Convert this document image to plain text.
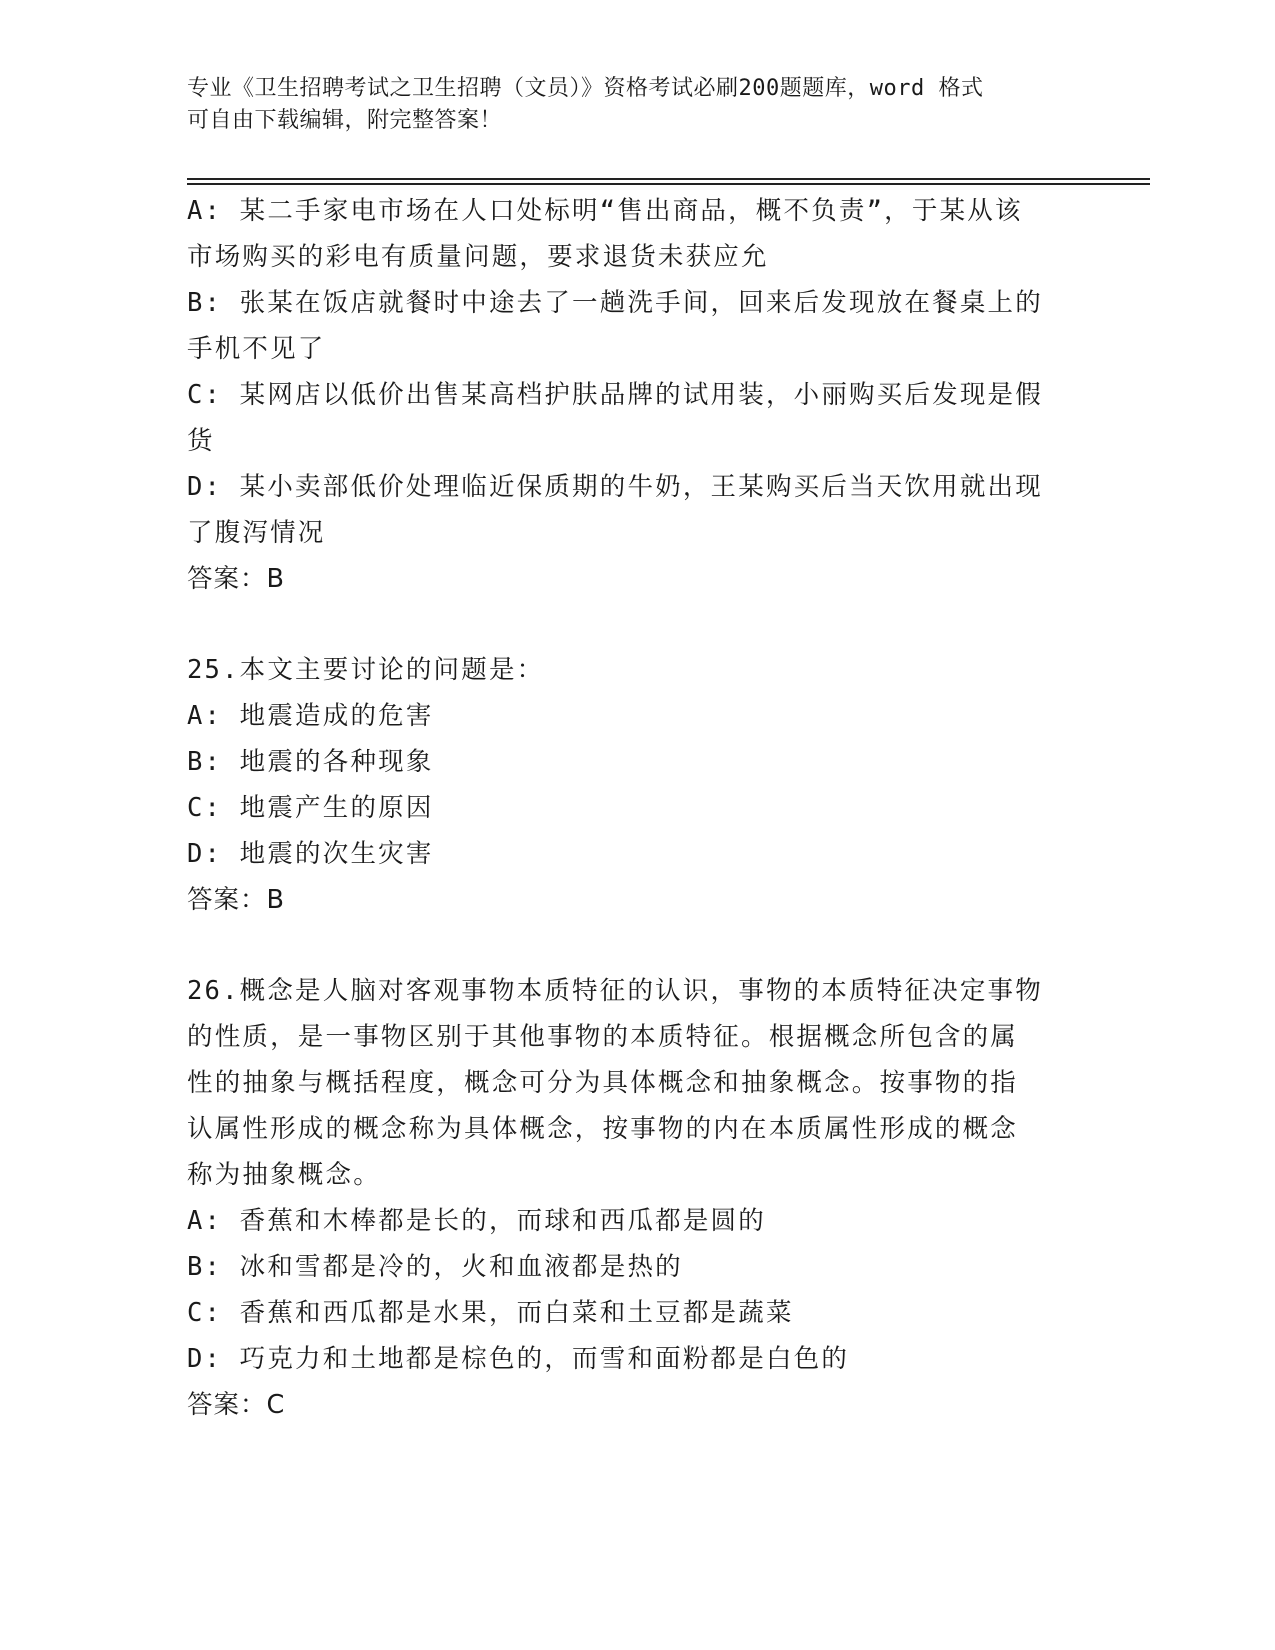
专业《卫生招聘考试之卫生招聘（文员）》资格考试必刷200题题库，word 格式
可自由下载编辑，附完整答案！
A: 某二手家电市场在人口处标明“售出商品，概不负责”，于某从该
市场购买的彩电有质量问题，要求退货未获应允
B: 张某在饭店就餐时中途去了一趟洗手间，回来后发现放在餐桌上的
手机不见了
C: 某网店以低价出售某高档护肤品牌的试用装，小丽购买后发现是假
货
D: 某小卖部低价处理临近保质期的牛奶，王某购买后当天饮用就出现
了腹泻情况
答案：B
25.本文主要讨论的问题是：
A: 地震造成的危害
B: 地震的各种现象
C: 地震产生的原因
D: 地震的次生灾害
答案：B
26.概念是人脑对客观事物本质特征的认识，事物的本质特征决定事物
的性质，是一事物区别于其他事物的本质特征。根据概念所包含的属
性的抽象与概括程度，概念可分为具体概念和抽象概念。按事物的指
认属性形成的概念称为具体概念，按事物的内在本质属性形成的概念
称为抽象概念。
A: 香蕉和木棒都是长的，而球和西瓜都是圆的
B: 冰和雪都是冷的，火和血液都是热的
C: 香蕉和西瓜都是水果，而白菜和土豆都是蔬菜
D: 巧克力和土地都是棕色的，而雪和面粉都是白色的
答案：C
